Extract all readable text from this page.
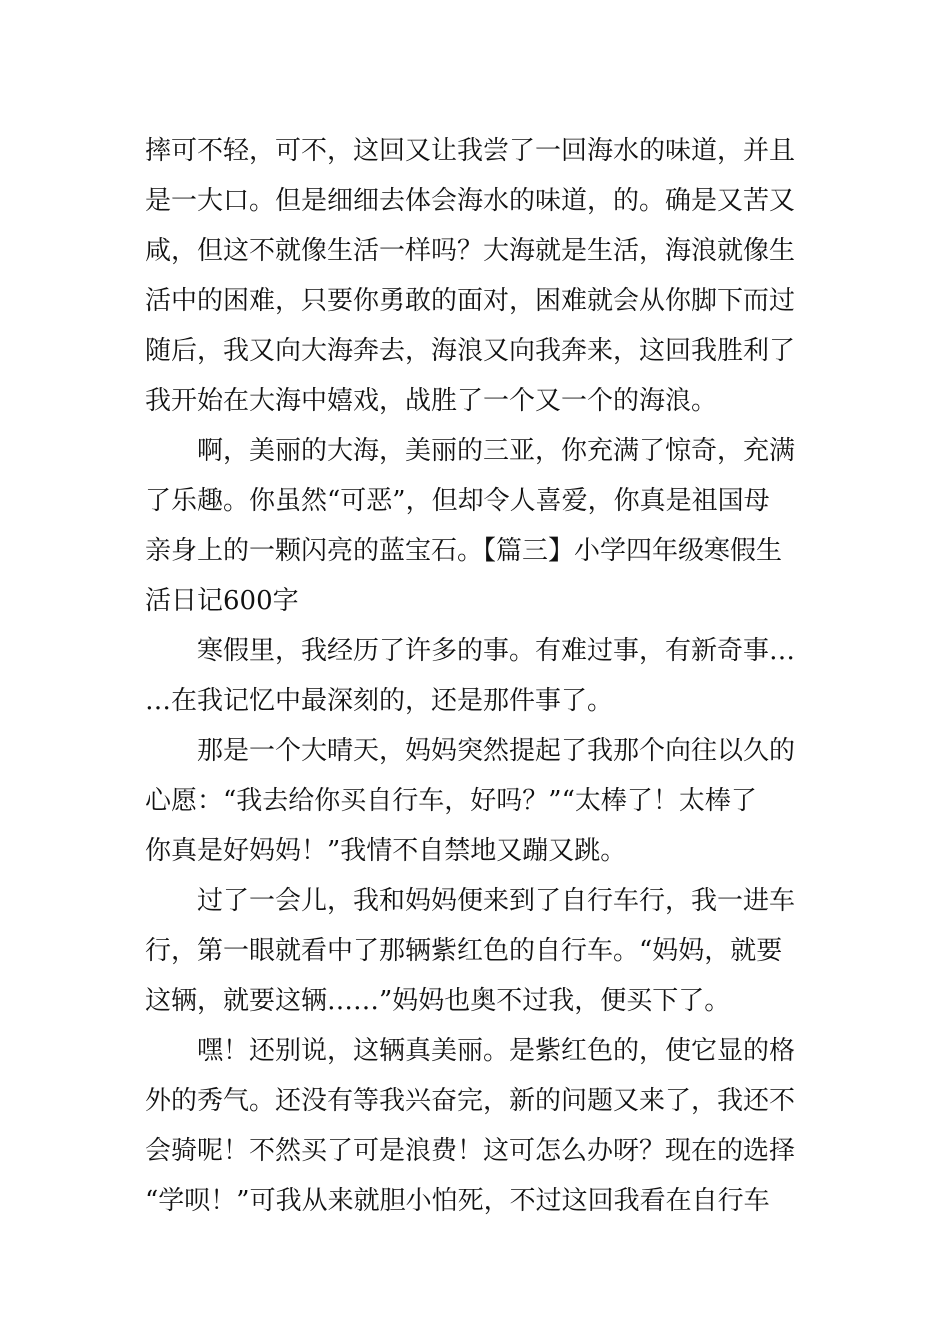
摔可不轻，可不，这回又让我尝了一回海水的味道，并且
是一大口。但是细细去体会海水的味道，的。确是又苦又
咸，但这不就像生活一样吗？大海就是生活，海浪就像生
活中的困难，只要你勇敢的面对，困难就会从你脚下而过
随后，我又向大海奔去，海浪又向我奔来，这回我胜利了
我开始在大海中嬉戏，战胜了一个又一个的海浪。
　　啊，美丽的大海，美丽的三亚，你充满了惊奇，充满
了乐趣。你虽然“可恶”，但却令人喜爱，你真是祖国母
亲身上的一颗闪亮的蓝宝石。【篇三】小学四年级寒假生
活日记600字
　　寒假里，我经历了许多的事。有难过事，有新奇事…
…在我记忆中最深刻的，还是那件事了。
　　那是一个大晴天，妈妈突然提起了我那个向往以久的
心愿：“我去给你买自行车，好吗？”“太棒了！太棒了
你真是好妈妈！”我情不自禁地又蹦又跳。
　　过了一会儿，我和妈妈便来到了自行车行，我一进车
行，第一眼就看中了那辆紫红色的自行车。“妈妈，就要
这辆，就要这辆……”妈妈也奥不过我，便买下了。
　　嘿！还别说，这辆真美丽。是紫红色的，使它显的格
外的秀气。还没有等我兴奋完，新的问题又来了，我还不
会骑呢！不然买了可是浪费！这可怎么办呀？现在的选择
“学呗！”可我从来就胆小怕死，不过这回我看在自行车
